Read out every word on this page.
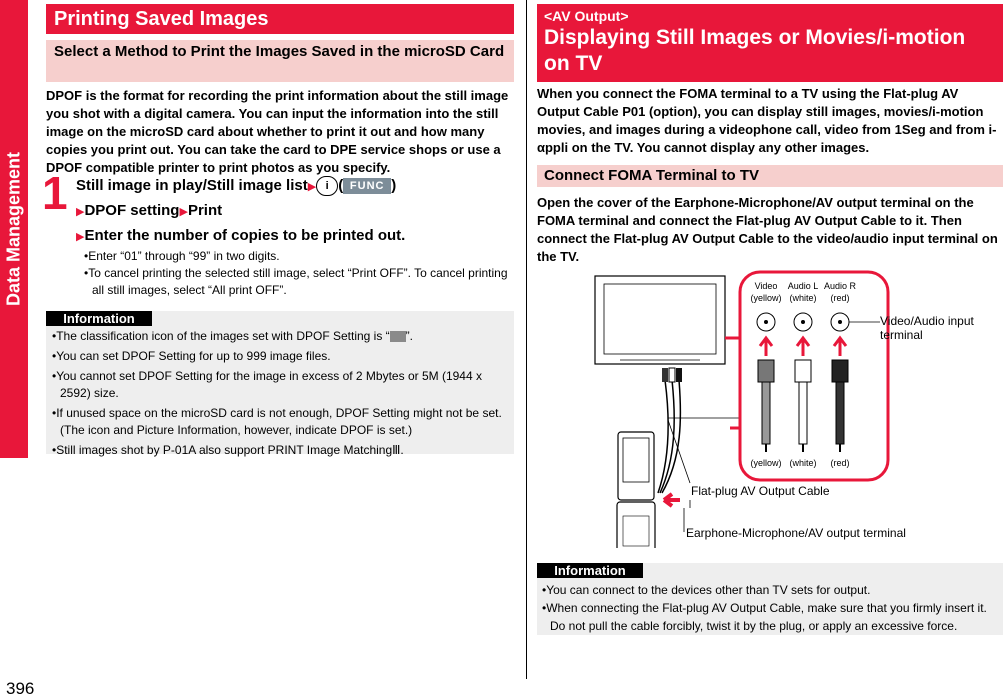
Data Management
396
Printing Saved Images
Select a Method to Print the Images Saved in the microSD Card
DPOF is the format for recording the print information about the still image you shot with a digital camera. You can input the information into the still image on the microSD card about whether to print it out and how many copies you print out. You can take the card to DPE service shops or use a DPOF compatible printer to print photos as you specify.
1 Still image in play/Still image list▶ i ( FUNC )
▶DPOF setting▶Print
▶Enter the number of copies to be printed out.
•Enter “01” through “99” in two digits.
•To cancel printing the selected still image, select “Print OFF”. To cancel printing all still images, select “All print OFF”.
Information
•The classification icon of the images set with DPOF Setting is “ ”.
•You can set DPOF Setting for up to 999 image files.
•You cannot set DPOF Setting for the image in excess of 2 Mbytes or 5M (1944 x 2592) size.
•If unused space on the microSD card is not enough, DPOF Setting might not be set. (The icon and Picture Information, however, indicate DPOF is set.)
•Still images shot by P-01A also support PRINT Image MatchingⅢ.
<AV Output>
Displaying Still Images or Movies/i-motion on TV
When you connect the FOMA terminal to a TV using the Flat-plug AV Output Cable P01 (option), you can display still images, movies/i-motion movies, and images during a videophone call, video from 1Seg and from i-αppli on the TV. You cannot display any other images.
Connect FOMA Terminal to TV
Open the cover of the Earphone-Microphone/AV output terminal on the FOMA terminal and connect the Flat-plug AV Output Cable to it. Then connect the Flat-plug AV Output Cable to the video/audio input terminal on the TV.
Video
(yellow)
Audio L
(white)
Audio R
(red)
(yellow) (white)	(red)
Video/Audio input terminal
Flat-plug AV Output Cable
Earphone-Microphone/AV output terminal
Information
•You can connect to the devices other than TV sets for output.
•When connecting the Flat-plug AV Output Cable, make sure that you firmly insert it. Do not pull the cable forcibly, twist it by the plug, or apply an excessive force.
